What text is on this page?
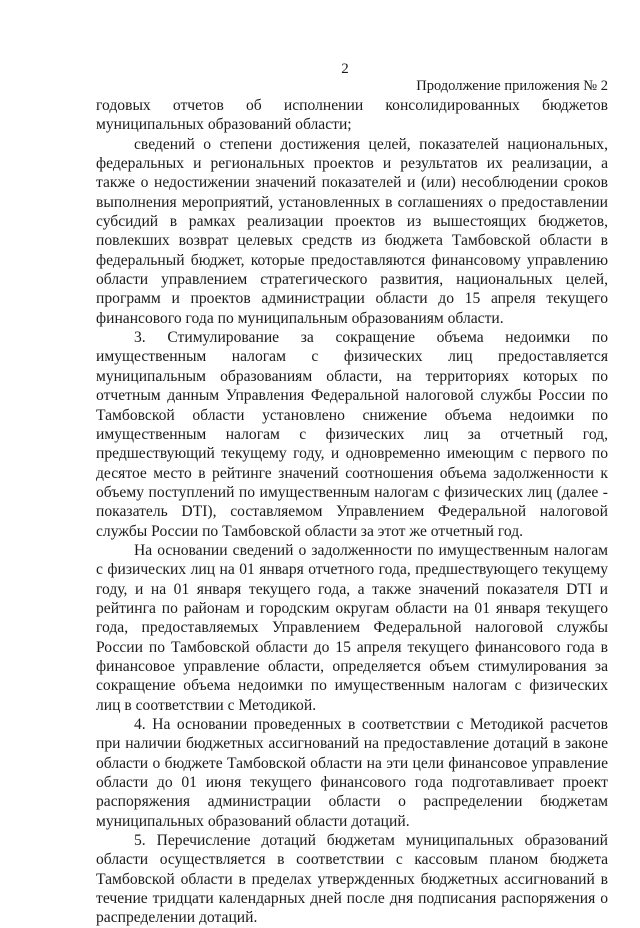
2
Продолжение приложения № 2

годовых отчетов об исполнении консолидированных бюджетов муниципальных образований области;

сведений о степени достижения целей, показателей национальных, федеральных и региональных проектов и результатов их реализации, а также о недостижении значений показателей и (или) несоблюдении сроков выполнения мероприятий, установленных в соглашениях о предоставлении субсидий в рамках реализации проектов из вышестоящих бюджетов, повлекших возврат целевых средств из бюджета Тамбовской области в федеральный бюджет, которые предоставляются финансовому управлению области управлением стратегического развития, национальных целей, программ и проектов администрации области до 15 апреля текущего финансового года по муниципальным образованиям области.

3. Стимулирование за сокращение объема недоимки по имущественным налогам с физических лиц предоставляется муниципальным образованиям области, на территориях которых по отчетным данным Управления Федеральной налоговой службы России по Тамбовской области установлено снижение объема недоимки по имущественным налогам с физических лиц за отчетный год, предшествующий текущему году, и одновременно имеющим с первого по десятое место в рейтинге значений соотношения объема задолженности к объему поступлений по имущественным налогам с физических лиц (далее - показатель DTI), составляемом Управлением Федеральной налоговой службы России по Тамбовской области за этот же отчетный год.

На основании сведений о задолженности по имущественным налогам с физических лиц на 01 января отчетного года, предшествующего текущему году, и на 01 января текущего года, а также значений показателя DTI и рейтинга по районам и городским округам области на 01 января текущего года, предоставляемых Управлением Федеральной налоговой службы России по Тамбовской области до 15 апреля текущего финансового года в финансовое управление области, определяется объем стимулирования за сокращение объема недоимки по имущественным налогам с физических лиц в соответствии с Методикой.

4. На основании проведенных в соответствии с Методикой расчетов при наличии бюджетных ассигнований на предоставление дотаций в законе области о бюджете Тамбовской области на эти цели финансовое управление области до 01 июня текущего финансового года подготавливает проект распоряжения администрации области о распределении бюджетам муниципальных образований области дотаций.

5. Перечисление дотаций бюджетам муниципальных образований области осуществляется в соответствии с кассовым планом бюджета Тамбовской области в пределах утвержденных бюджетных ассигнований в течение тридцати календарных дней после дня подписания распоряжения о распределении дотаций.
